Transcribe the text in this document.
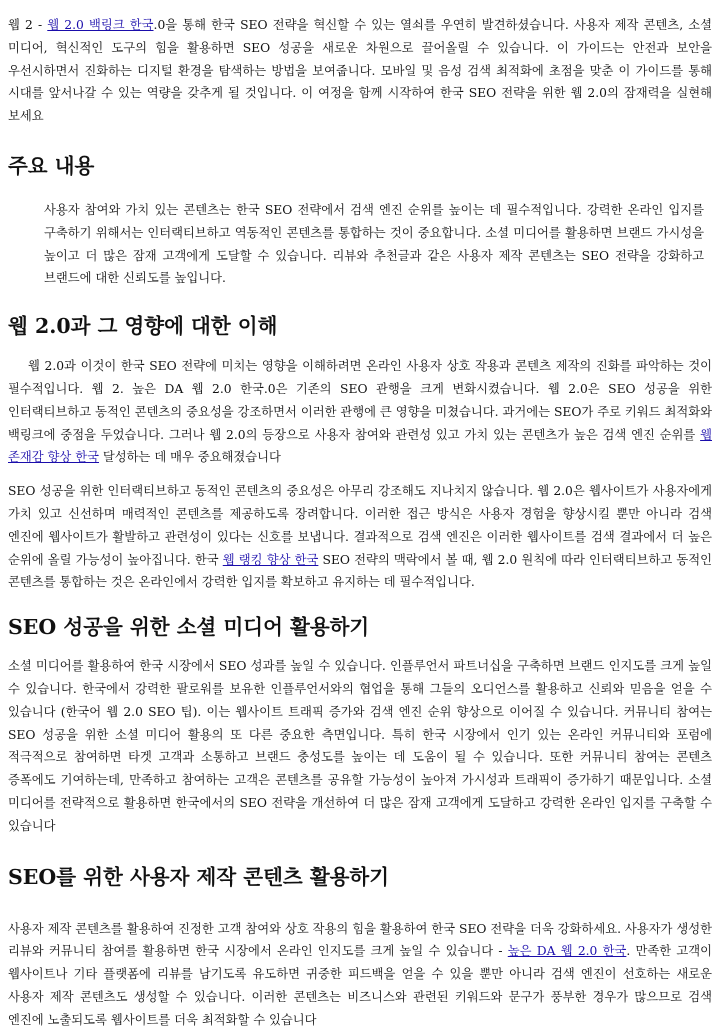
웹 2 - 웹 2.0 백링크 한국.0을 통해 한국 SEO 전략을 혁신할 수 있는 열쇠를 우연히 발견하셨습니다. 사용자 제작 콘텐츠, 소셜 미디어, 혁신적인 도구의 힘을 활용하면 SEO 성공을 새로운 차원으로 끌어올릴 수 있습니다. 이 가이드는 안전과 보안을 우선시하면서 진화하는 디지털 환경을 탐색하는 방법을 보여줍니다. 모바일 및 음성 검색 최적화에 초점을 맞춘 이 가이드를 통해 시대를 앞서나갈 수 있는 역량을 갖추게 될 것입니다. 이 여정을 함께 시작하여 한국 SEO 전략을 위한 웹 2.0의 잠재력을 실현해 보세요

주요 내용

사용자 참여와 가치 있는 콘텐츠는 한국 SEO 전략에서 검색 엔진 순위를 높이는 데 필수적입니다. 강력한 온라인 입지를 구축하기 위해서는 인터랙티브하고 역동적인 콘텐츠를 통합하는 것이 중요합니다. 소셜 미디어를 활용하면 브랜드 가시성을 높이고 더 많은 잠재 고객에게 도달할 수 있습니다. 리뷰와 추천글과 같은 사용자 제작 콘텐츠는 SEO 전략을 강화하고 브랜드에 대한 신뢰도를 높입니다.

웹 2.0과 그 영향에 대한 이해

웹 2.0과 이것이 한국 SEO 전략에 미치는 영향을 이해하려면 온라인 사용자 상호 작용과 콘텐츠 제작의 진화를 파악하는 것이 필수적입니다. 웹 2. 높은 DA 웹 2.0 한국.0은 기존의 SEO 관행을 크게 변화시켰습니다. 웹 2.0은 SEO 성공을 위한 인터랙티브하고 동적인 콘텐츠의 중요성을 강조하면서 이러한 관행에 큰 영향을 미쳤습니다. 과거에는 SEO가 주로 키워드 최적화와 백링크에 중점을 두었습니다. 그러나 웹 2.0의 등장으로 사용자 참여와 관련성 있고 가치 있는 콘텐츠가 높은 검색 엔진 순위를 웹 존재감 향상 한국 달성하는 데 매우 중요해졌습니다

SEO 성공을 위한 인터랙티브하고 동적인 콘텐츠의 중요성은 아무리 강조해도 지나치지 않습니다. 웹 2.0은 웹사이트가 사용자에게 가치 있고 신선하며 매력적인 콘텐츠를 제공하도록 장려합니다. 이러한 접근 방식은 사용자 경험을 향상시킬 뿐만 아니라 검색 엔진에 웹사이트가 활발하고 관련성이 있다는 신호를 보냅니다. 결과적으로 검색 엔진은 이러한 웹사이트를 검색 결과에서 더 높은 순위에 올릴 가능성이 높아집니다. 한국 웹 랭킹 향상 한국 SEO 전략의 맥락에서 볼 때, 웹 2.0 원칙에 따라 인터랙티브하고 동적인 콘텐츠를 통합하는 것은 온라인에서 강력한 입지를 확보하고 유지하는 데 필수적입니다.

SEO 성공을 위한 소셜 미디어 활용하기

소셜 미디어를 활용하여 한국 시장에서 SEO 성과를 높일 수 있습니다. 인플루언서 파트너십을 구축하면 브랜드 인지도를 크게 높일 수 있습니다. 한국에서 강력한 팔로워를 보유한 인플루언서와의 협업을 통해 그들의 오디언스를 활용하고 신뢰와 믿음을 얻을 수 있습니다 (한국어 웹 2.0 SEO 팁). 이는 웹사이트 트래픽 증가와 검색 엔진 순위 향상으로 이어질 수 있습니다. 커뮤니티 참여는 SEO 성공을 위한 소셜 미디어 활용의 또 다른 중요한 측면입니다. 특히 한국 시장에서 인기 있는 온라인 커뮤니티와 포럼에 적극적으로 참여하면 타겟 고객과 소통하고 브랜드 충성도를 높이는 데 도움이 될 수 있습니다. 또한 커뮤니티 참여는 콘텐츠 증폭에도 기여하는데, 만족하고 참여하는 고객은 콘텐츠를 공유할 가능성이 높아져 가시성과 트래픽이 증가하기 때문입니다. 소셜 미디어를 전략적으로 활용하면 한국에서의 SEO 전략을 개선하여 더 많은 잠재 고객에게 도달하고 강력한 온라인 입지를 구축할 수 있습니다

SEO를 위한 사용자 제작 콘텐츠 활용하기

사용자 제작 콘텐츠를 활용하여 진정한 고객 참여와 상호 작용의 힘을 활용하여 한국 SEO 전략을 더욱 강화하세요. 사용자가 생성한 리뷰와 커뮤니티 참여를 활용하면 한국 시장에서 온라인 인지도를 크게 높일 수 있습니다 - 높은 DA 웹 2.0 한국. 만족한 고객이 웹사이트나 기타 플랫폼에 리뷰를 남기도록 유도하면 귀중한 피드백을 얻을 수 있을 뿐만 아니라 검색 엔진이 선호하는 새로운 사용자 제작 콘텐츠도 생성할 수 있습니다. 이러한 콘텐츠는 비즈니스와 관련된 키워드와 문구가 풍부한 경우가 많으므로 검색 엔진에 노출되도록 웹사이트를 더욱 최적화할 수 있습니다
